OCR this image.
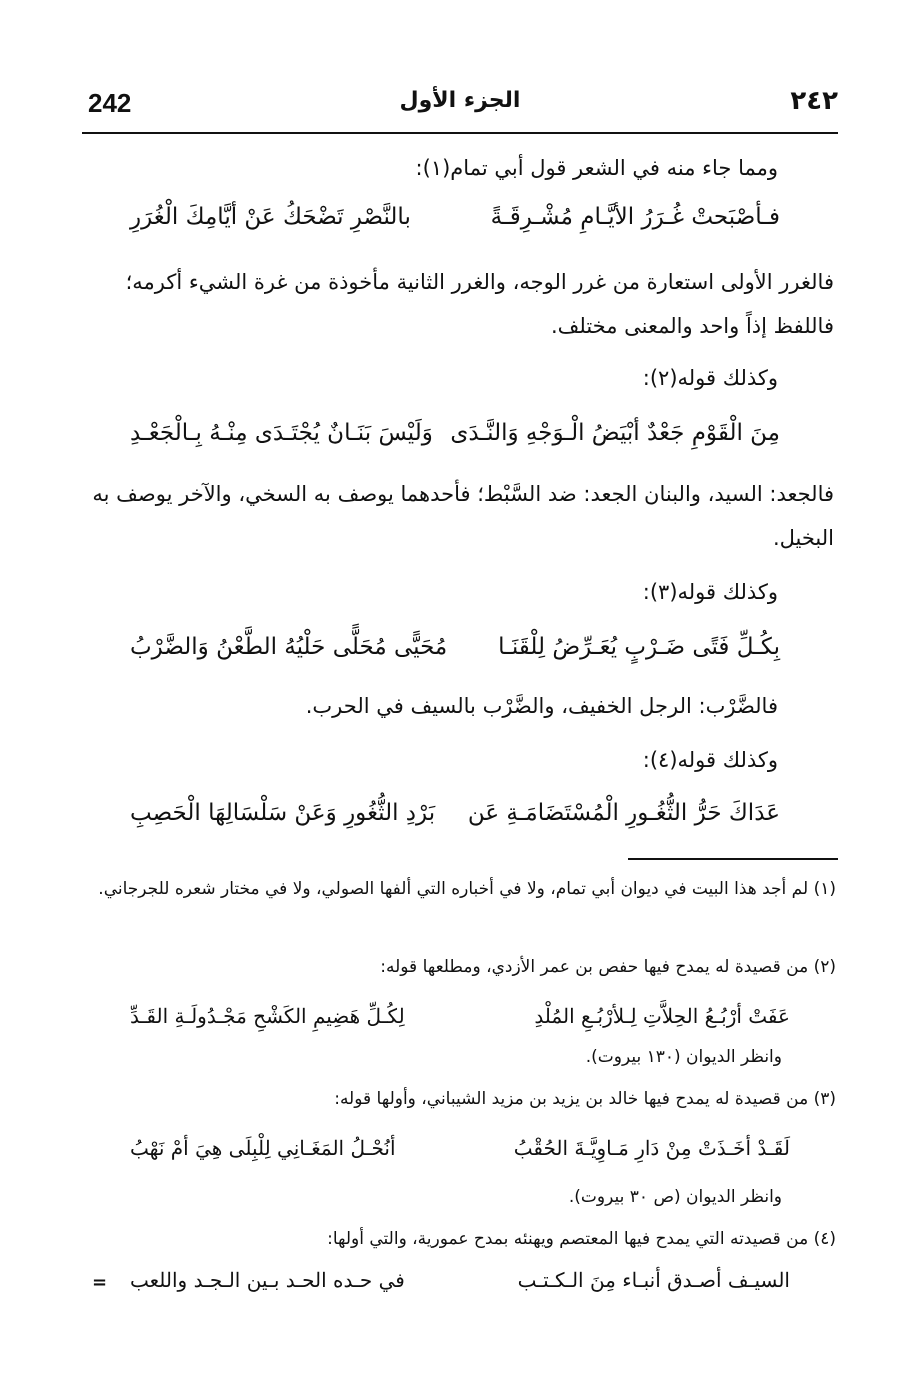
242	الجزء الأول	٢٤٢
ومما جاء منه في الشعر قول أبي تمام(١):
فـأصْبَحتْ غُـرَرُ الأيَّـامِ مُشْـرِقَـةً
بالنَّصْرِ تَضْحَكُ عَنْ أيَّامِكَ الْغُرَرِ
فالغرر الأولى استعارة من غرر الوجه، والغرر الثانية مأخوذة من غرة الشيء أكرمه؛ فاللفظ إذاً واحد والمعنى مختلف.
وكذلك قوله(٢):
مِنَ الْقَوْمِ جَعْدٌ أبْيَضُ الْـوَجْهِ وَالنَّـدَى
وَلَيْسَ بَنَـانٌ يُجْتَـدَى مِنْـهُ بِـالْجَعْـدِ
فالجعد: السيد، والبنان الجعد: ضد السَّبْط؛ فأحدهما يوصف به السخي، والآخر يوصف به البخيل.
وكذلك قوله(٣):
بِكُـلِّ فَتًى ضَـرْبٍ يُعَـرِّضُ لِلْقَنَـا
مُحَيًّى مُحَلًّى حَلْيُهُ الطَّعْنُ وَالضَّرْبُ
فالضَّرْب: الرجل الخفيف، والضَّرْب بالسيف في الحرب.
وكذلك قوله(٤):
عَدَاكَ حَرُّ الثُّغُـورِ الْمُسْتَضَامَـةِ عَن
بَرْدِ الثُّغُورِ وَعَنْ سَلْسَالِهَا الْحَصِبِ
(١) لم أجد هذا البيت في ديوان أبي تمام، ولا في أخباره التي ألفها الصولي، ولا في مختار شعره للجرجاني.
(٢) من قصيدة له يمدح فيها حفص بن عمر الأزدي، ومطلعها قوله:
عَفَتْ أرْبُـعُ الحِلاَّتِ لِـلأرْبُـعِ المُلْدِ
لِكُـلِّ هَضِيمِ الكَشْحِ مَجْـدُولَـةِ القَـدِّ
وانظر الديوان (١٣٠ بيروت).
(٣) من قصيدة له يمدح فيها خالد بن يزيد بن مزيد الشيباني، وأولها قوله:
لَقَـدْ أخَـذَتْ مِنْ دَارِ مَـاوِيَّـةَ الحُقْبُ
أنُحْـلُ المَغَـانِي لِلْبِلَى هِيَ أمْ نَهْبُ
وانظر الديوان (ص ٣٠ بيروت).
(٤) من قصيدته التي يمدح فيها المعتصم ويهنئه بمدح عمورية، والتي أولها:
السيـف أصـدق أنبـاء مِنَ الـكـتـب
في حـده الحـد بـين الـجـد واللعب
=
